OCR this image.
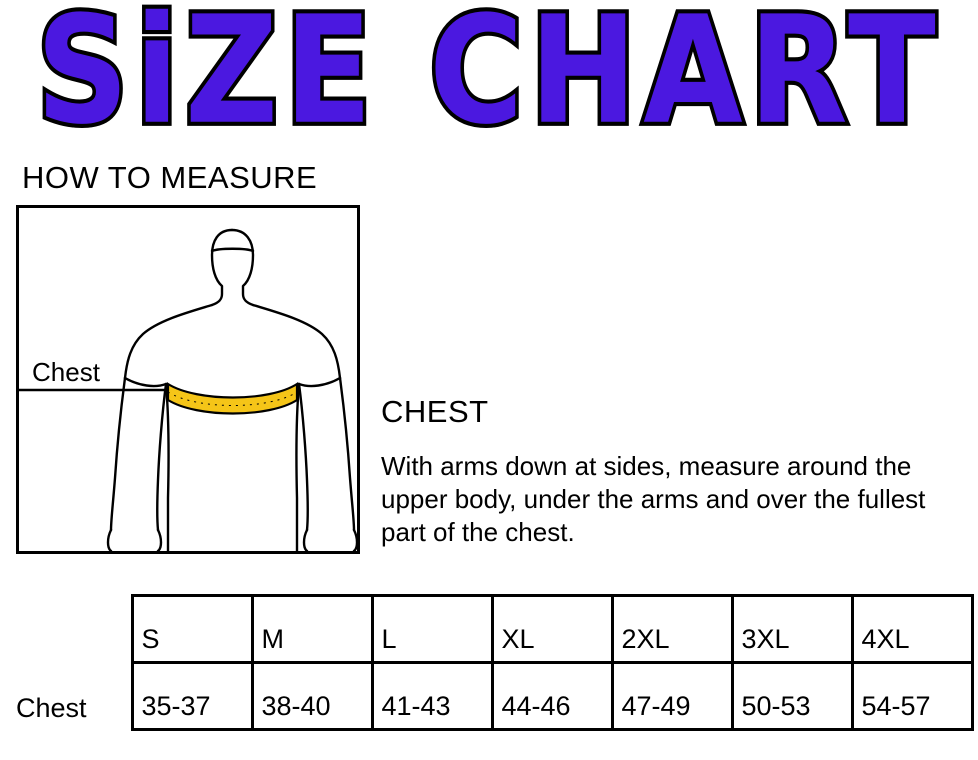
SiZE CHART
HOW TO MEASURE
Chest
CHEST
With arms down at sides, measure around the upper body, under the arms and over the fullest part of the chest.
	S	M	L	XL	2XL	3XL	4XL
Chest	35-37	38-40	41-43	44-46	47-49	50-53	54-57
